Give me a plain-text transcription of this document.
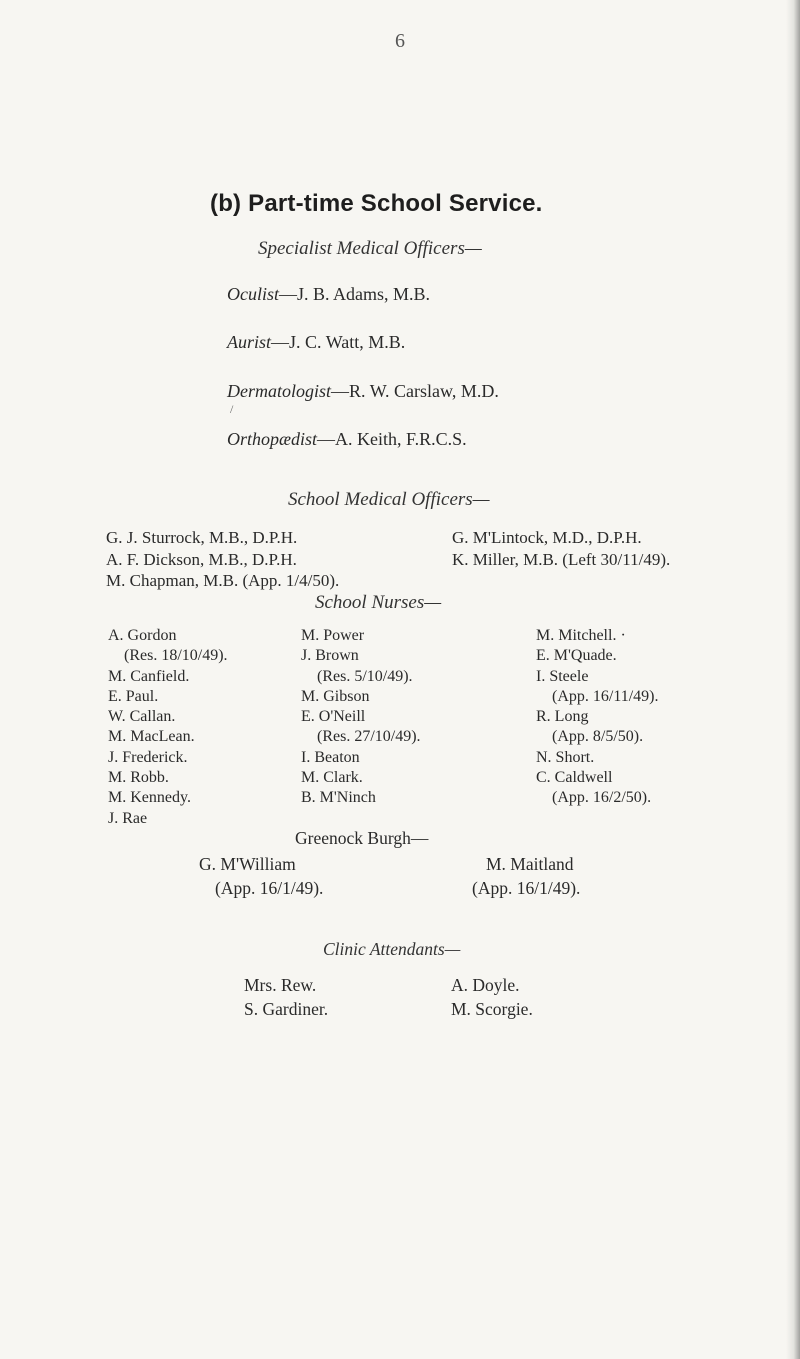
6
(b) Part-time School Service.
Specialist Medical Officers—
Oculist—J. B. Adams, M.B.
Aurist—J. C. Watt, M.B.
Dermatologist—R. W. Carslaw, M.D.
Orthopædist—A. Keith, F.R.C.S.
School Medical Officers—
G. J. Sturrock, M.B., D.P.H.
A. F. Dickson, M.B., D.P.H.
M. Chapman, M.B. (App. 1/4/50).
G. M'Lintock, M.D., D.P.H.
K. Miller, M.B. (Left 30/11/49).
/
School Nurses—
A. Gordon
(Res. 18/10/49).
M. Canfield.
E. Paul.
W. Callan.
M. MacLean.
J. Frederick.
M. Robb.
M. Kennedy.
J. Rae
M. Power
J. Brown
(Res. 5/10/49).
M. Gibson
E. O'Neill
(Res. 27/10/49).
I. Beaton
M. Clark.
B. M'Ninch
M. Mitchell. ·
E. M'Quade.
I. Steele
(App. 16/11/49).
R. Long
(App. 8/5/50).
N. Short.
C. Caldwell
(App. 16/2/50).
Greenock Burgh—
G. M'William
(App. 16/1/49).
M. Maitland
(App. 16/1/49).
Clinic Attendants—
Mrs. Rew.
S. Gardiner.
A. Doyle.
M. Scorgie.
